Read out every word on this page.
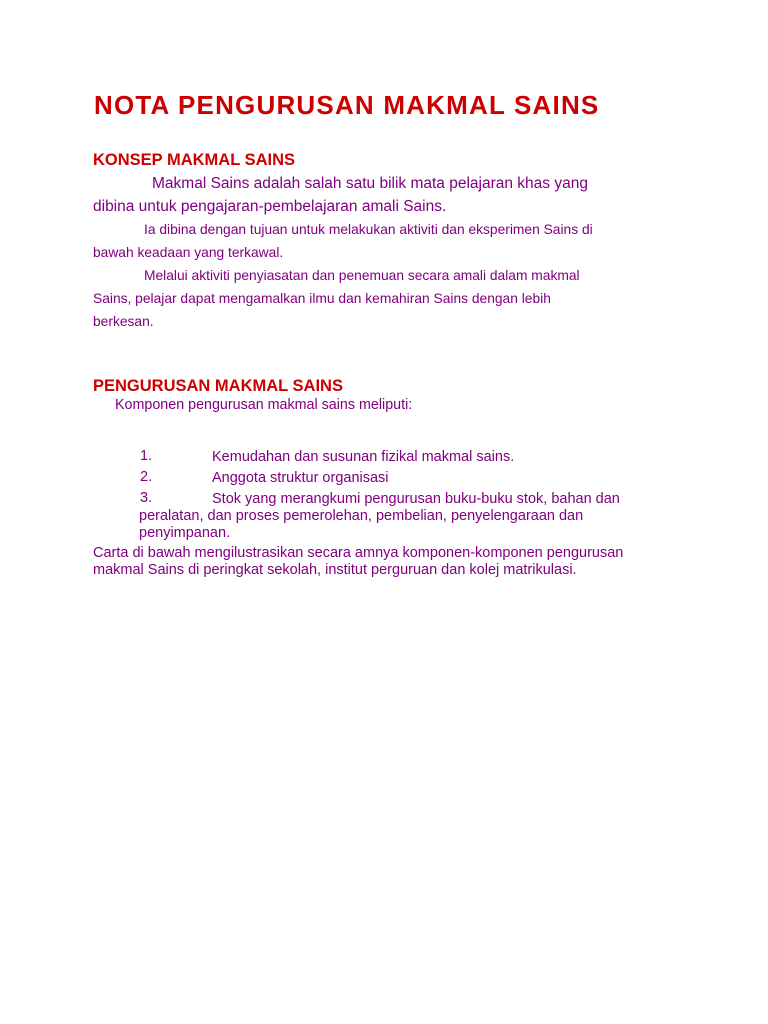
NOTA PENGURUSAN MAKMAL SAINS
KONSEP MAKMAL SAINS

Makmal Sains adalah salah satu bilik mata pelajaran khas yang

dibina untuk pengajaran-pembelajaran amali Sains.

Ia dibina dengan tujuan untuk melakukan aktiviti dan eksperimen Sains di

bawah keadaan yang terkawal.

Melalui aktiviti penyiasatan dan penemuan secara amali dalam makmal

Sains, pelajar dapat mengamalkan ilmu dan kemahiran Sains dengan lebih

berkesan.

PENGURUSAN MAKMAL SAINS

Komponen pengurusan makmal sains meliputi:

1.	Kemudahan dan susunan fizikal makmal sains.
2.	Anggota struktur organisasi
3.	Stok yang merangkumi pengurusan buku-buku stok, bahan dan
peralatan, dan proses pemerolehan, pembelian, penyelengaraan dan
penyimpanan.

Carta di bawah mengilustrasikan secara amnya komponen-komponen pengurusan

makmal Sains di peringkat sekolah, institut perguruan dan kolej matrikulasi.
